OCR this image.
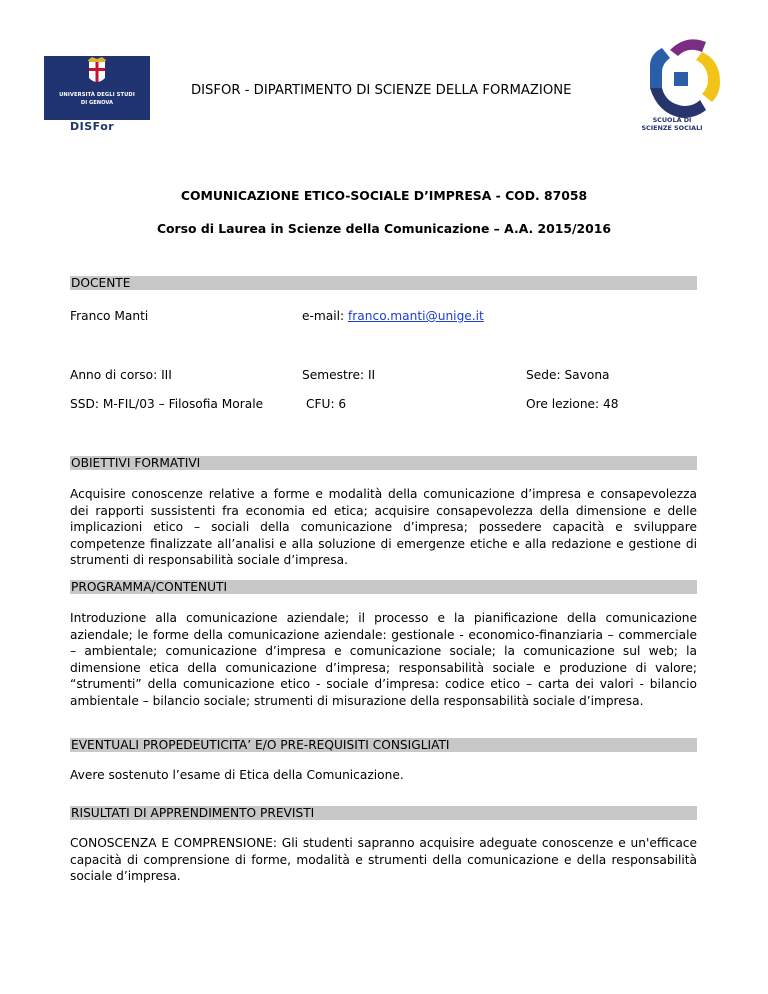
UNIVERSITÀ DEGLI STUDI
DI GENOVA
DISFor
DISFOR - DIPARTIMENTO DI SCIENZE DELLA FORMAZIONE
SCUOLA DI
SCIENZE SOCIALI
COMUNICAZIONE ETICO-SOCIALE D’IMPRESA - COD. 87058
Corso di Laurea in Scienze della Comunicazione – A.A. 2015/2016
DOCENTE
Franco Manti	e-mail: franco.manti@unige.it
Anno di corso: III	Semestre: II	Sede: Savona
SSD: M-FIL/03 – Filosofia Morale	CFU: 6	Ore lezione: 48
OBIETTIVI FORMATIVI
Acquisire conoscenze relative a forme e modalità della comunicazione d’impresa e consapevolezza dei rapporti sussistenti fra economia ed etica; acquisire consapevolezza della dimensione e delle implicazioni etico – sociali della comunicazione d’impresa; possedere capacità e sviluppare competenze finalizzate all’analisi e alla soluzione di emergenze etiche e alla redazione e gestione di strumenti di responsabilità sociale d’impresa.
PROGRAMMA/CONTENUTI
Introduzione alla comunicazione aziendale; il processo e la pianificazione della comunicazione aziendale; le forme della comunicazione aziendale: gestionale - economico-finanziaria – commerciale – ambientale; comunicazione d’impresa e comunicazione sociale; la comunicazione sul web; la dimensione etica della comunicazione d’impresa; responsabilità sociale e produzione di valore; “strumenti” della comunicazione etico - sociale d’impresa: codice etico – carta dei valori - bilancio ambientale – bilancio sociale; strumenti di misurazione della responsabilità sociale d’impresa.
EVENTUALI PROPEDEUTICITA’ E/O PRE-REQUISITI CONSIGLIATI
Avere sostenuto l’esame di Etica della Comunicazione.
RISULTATI DI APPRENDIMENTO PREVISTI
CONOSCENZA E COMPRENSIONE: Gli studenti sapranno acquisire adeguate conoscenze e un'efficace capacità di comprensione di forme, modalità e strumenti della comunicazione e della responsabilità sociale d’impresa.
